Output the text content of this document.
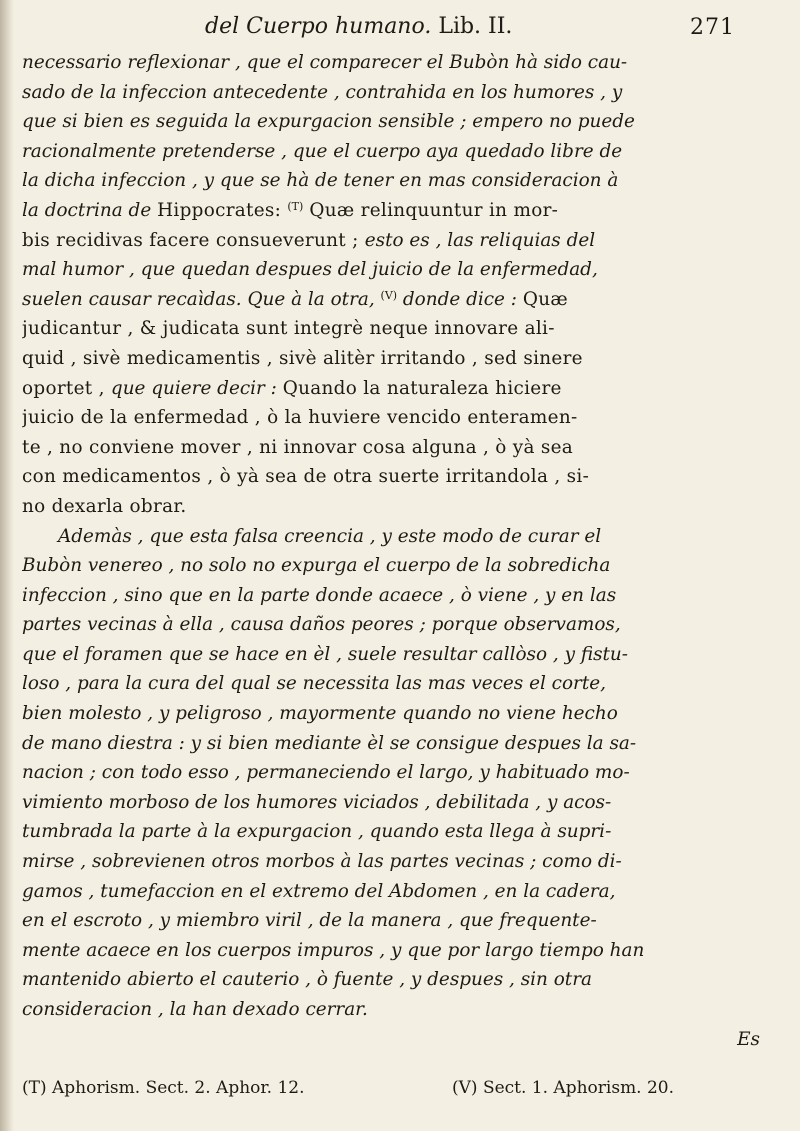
del Cuerpo humano. Lib. II.	271
necessario reflexionar , que el comparecer el Bubòn hà sido cau-
sado de la infeccion antecedente , contrahida en los humores , y
que si bien es seguida la expurgacion sensible ; empero no puede
racionalmente pretenderse , que el cuerpo aya quedado libre de
la dicha infeccion , y que se hà de tener en mas consideracion à
la doctrina de Hippocrates: $^{(T)}$ Quæ relinquuntur in mor-
bis recidivas facere consueverunt ; esto es , las reliquias del
mal humor , que quedan despues del juicio de la enfermedad,
suelen causar recaìdas. Que à la otra, $^{(V)}$ donde dice : Quæ
judicantur , & judicata sunt integrè neque innovare ali-
quid , sivè medicamentis , sivè alitèr irritando , sed sinere
oportet , que quiere decir : Quando la naturaleza hiciere
juicio de la enfermedad , ò la huviere vencido enteramen-
te , no conviene mover , ni innovar cosa alguna , ò yà sea
con medicamentos , ò yà sea de otra suerte irritandola , si-
no dexarla obrar.
Ademàs , que esta falsa creencia , y este modo de curar el
Bubòn venereo , no solo no expurga el cuerpo de la sobredicha
infeccion , sino que en la parte donde acaece , ò viene , y en las
partes vecinas à ella , causa daños peores ; porque observamos,
que el foramen que se hace en èl , suele resultar callòso , y fistu-
loso , para la cura del qual se necessita las mas veces el corte,
bien molesto , y peligroso , mayormente quando no viene hecho
de mano diestra : y si bien mediante èl se consigue despues la sa-
nacion ; con todo esso , permaneciendo el largo, y habituado mo-
vimiento morboso de los humores viciados , debilitada , y acos-
tumbrada la parte à la expurgacion , quando esta llega à supri-
mirse , sobrevienen otros morbos à las partes vecinas ; como di-
gamos , tumefaccion en el extremo del Abdomen , en la cadera,
en el escroto , y miembro viril , de la manera , que frequente-
mente acaece en los cuerpos impuros , y que por largo tiempo han
mantenido abierto el cauterio , ò fuente , y despues , sin otra
consideracion , la han dexado cerrar.
Es
(T) Aphorism. Sect. 2. Aphor. 12.	(V) Sect. 1. Aphorism. 20.
